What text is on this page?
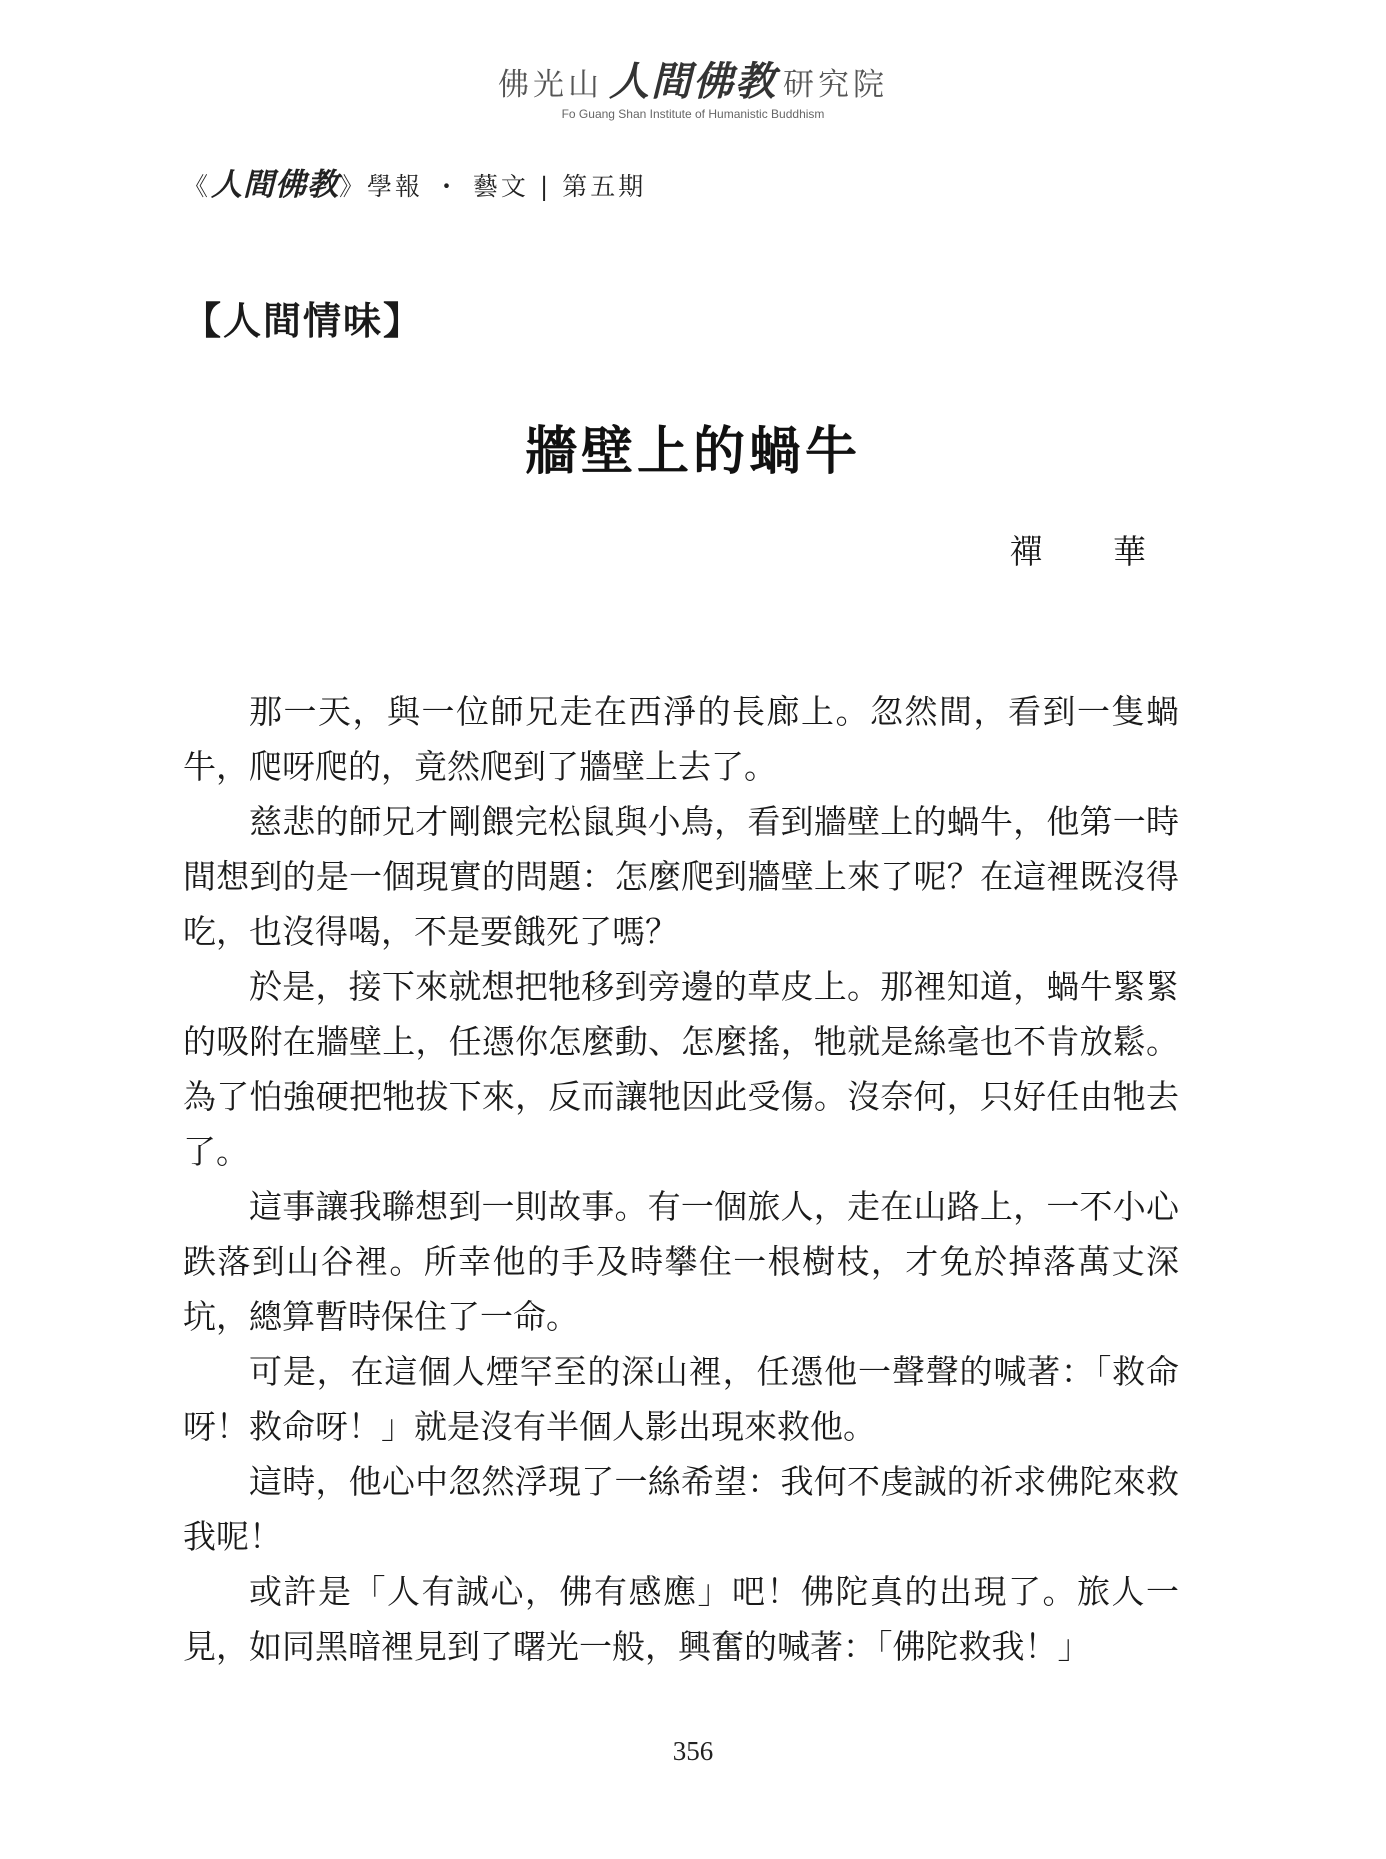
佛光山 人間佛教 研究院
Fo Guang Shan Institute of Humanistic Buddhism
《人間佛教》學報 ・ 藝文 | 第五期
【人間情味】
牆壁上的蝸牛
禪 華

那一天，與一位師兄走在西淨的長廊上。忽然間，看到一隻蝸牛，爬呀爬的，竟然爬到了牆壁上去了。

慈悲的師兄才剛餵完松鼠與小鳥，看到牆壁上的蝸牛，他第一時間想到的是一個現實的問題：怎麼爬到牆壁上來了呢？在這裡既沒得吃，也沒得喝，不是要餓死了嗎？

於是，接下來就想把牠移到旁邊的草皮上。那裡知道，蝸牛緊緊的吸附在牆壁上，任憑你怎麼動、怎麼搖，牠就是絲毫也不肯放鬆。為了怕強硬把牠拔下來，反而讓牠因此受傷。沒奈何，只好任由牠去了。

這事讓我聯想到一則故事。有一個旅人，走在山路上，一不小心跌落到山谷裡。所幸他的手及時攀住一根樹枝，才免於掉落萬丈深坑，總算暫時保住了一命。

可是，在這個人煙罕至的深山裡，任憑他一聲聲的喊著：「救命呀！救命呀！」就是沒有半個人影出現來救他。

這時，他心中忽然浮現了一絲希望：我何不虔誠的祈求佛陀來救我呢！

或許是「人有誠心，佛有感應」吧！佛陀真的出現了。旅人一見，如同黑暗裡見到了曙光一般，興奮的喊著：「佛陀救我！」

356
